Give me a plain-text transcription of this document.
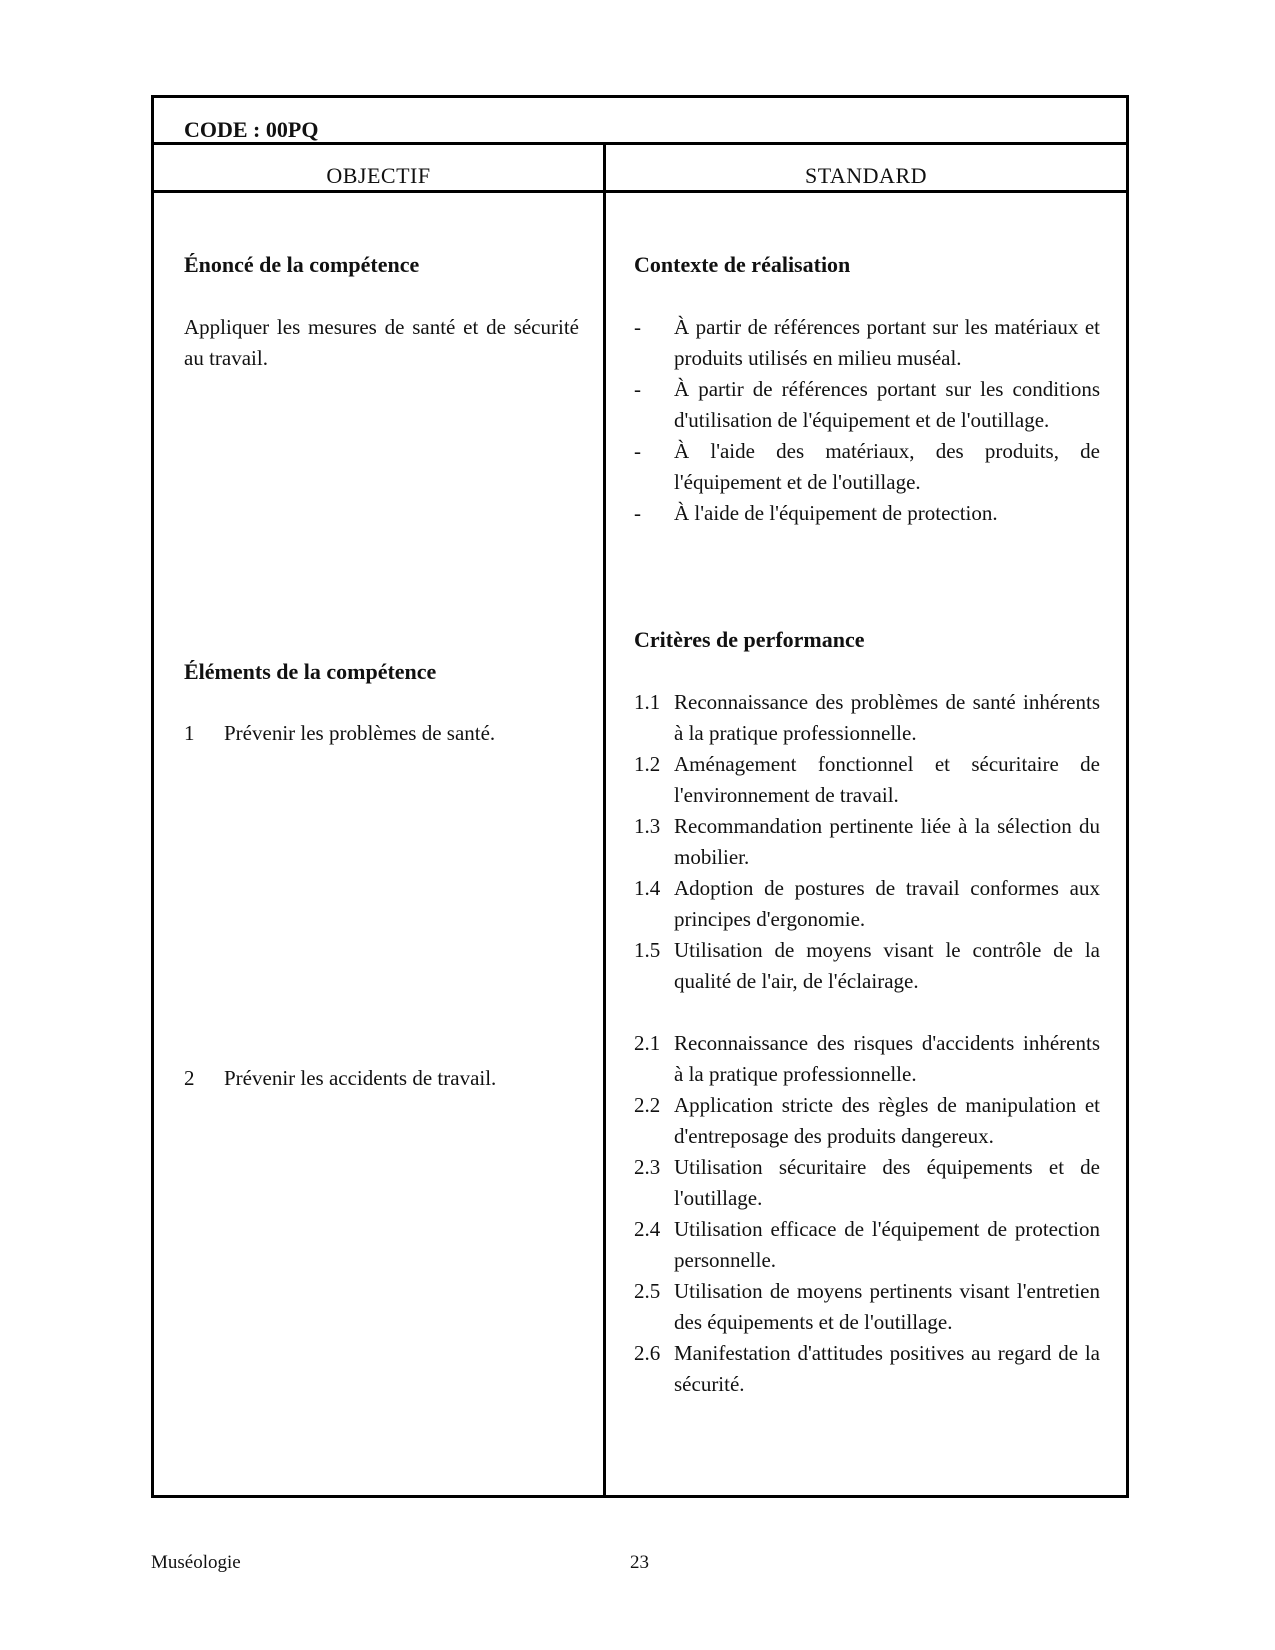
CODE : 00PQ
OBJECTIF	STANDARD
Énoncé de la compétence
Appliquer les mesures de santé et de sécurité au travail.
Éléments de la compétence
1	Prévenir les problèmes de santé.
2	Prévenir les accidents de travail.
Contexte de réalisation
-	À partir de références portant sur les matériaux et produits utilisés en milieu muséal.
-	À partir de références portant sur les conditions d'utilisation de l'équipement et de l'outillage.
-	À l'aide des matériaux, des produits, de l'équipement et de l'outillage.
-	À l'aide de l'équipement de protection.
Critères de performance
1.1 Reconnaissance des problèmes de santé inhérents à la pratique professionnelle.
1.2 Aménagement fonctionnel et sécuritaire de l'environnement de travail.
1.3 Recommandation pertinente liée à la sélection du mobilier.
1.4 Adoption de postures de travail conformes aux principes d'ergonomie.
1.5 Utilisation de moyens visant le contrôle de la qualité de l'air, de l'éclairage.
2.1 Reconnaissance des risques d'accidents inhérents à la pratique professionnelle.
2.2 Application stricte des règles de manipulation et d'entreposage des produits dangereux.
2.3 Utilisation sécuritaire des équipements et de l'outillage.
2.4 Utilisation efficace de l'équipement de protection personnelle.
2.5 Utilisation de moyens pertinents visant l'entretien des équipements et de l'outillage.
2.6 Manifestation d'attitudes positives au regard de la sécurité.
Muséologie	23
